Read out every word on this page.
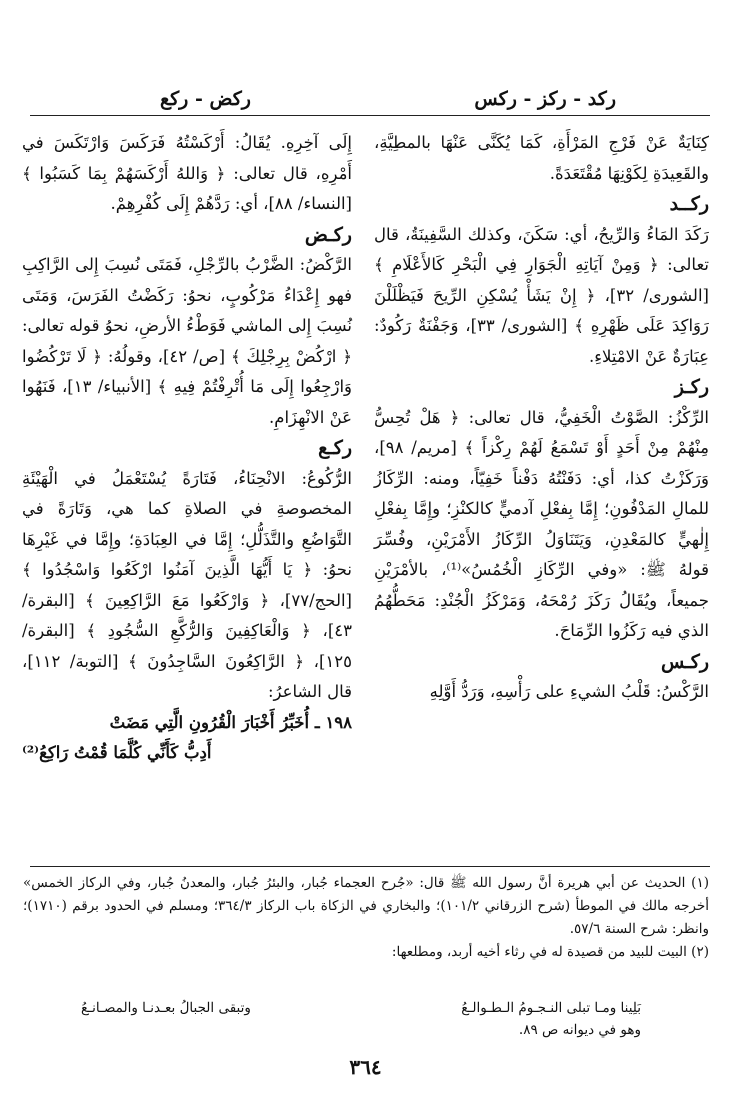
ركد - ركز - ركس
ركض - ركع

كِنَايَةٌ عَنْ فَرْجِ المَرْأَةِ، كَمَا يُكَنَّى عَنْهَا بالمطِيَّةِ، والقَعِيدَةِ لِكَوْنِهَا مُقْتَعَدَةً.

ركــد

رَكَدَ المَاءُ وَالرِّيحُ، أي: سَكَنَ، وكذلك السَّفِينَةُ، قال تعالى: ﴿ وَمِنْ آيَاتِهِ الْجَوَارِ فِي الْبَحْرِ كَالأَعْلَامِ ﴾ [الشورى/ ٣٢]، ﴿ إِنْ يَشَأْ يُسْكِنِ الرِّيحَ فَيَظْلَلْنَ رَوَاكِدَ عَلَى ظَهْرِهِ ﴾ [الشورى/ ٣٣]، وَجَفْنَةٌ رَكُودٌ: عِبَارَةٌ عَنْ الامْتِلاءِ.

ركـز

الرِّكْزُ: الصَّوْتُ الْخَفِيُّ، قال تعالى: ﴿ هَلْ تُحِسُّ مِنْهُمْ مِنْ أَحَدٍ أَوْ تَسْمَعُ لَهُمْ رِكْزاً ﴾ [مريم/ ٩٨]، وَرَكَزْتُ كذا، أي: دَفَنْتُهُ دَفْناً خَفِيّاً، ومنه: الرِّكَازُ للمالِ المَدْفُونِ؛ إِمَّا بِفعْلِ آدميٍّ كالكنْزِ؛ وإِمَّا بِفعْلِ إِلٰهيٍّ كالمَعْدِنِ، وَيَتَنَاوَلُ الرِّكَازُ الأَمْرَيْنِ، وفُسِّرَ قولهُ ﷺ: «وفي الرِّكَازِ الْخُمُسُ»⁽¹⁾، بالأمْرَيْنِ جميعاً، ويُقَالُ رَكَزَ رُمْحَهُ، وَمَرْكَزُ الْجُنْدِ: مَحَطُّهُمُ الذي فيه رَكَزُوا الرِّمَاحَ.

ركـس

الرَّكْسُ: قَلْبُ الشيءِ على رَأْسِهِ، وَرَدُّ أَوَّلِهِ

إِلَى آخِرِهِ. يُقَالُ: أَرْكَسْتُهُ فَرَكَسَ وَارْتَكَسَ في أَمْرِهِ، قال تعالى: ﴿ وَاللهُ أَرْكَسَهُمْ بِمَا كَسَبُوا ﴾ [النساء/ ٨٨]، أي: رَدَّهُمْ إِلَى كُفْرِهِمْ.

ركـض

الرَّكْضُ: الضَّرْبُ بالرِّجْلِ، فَمَتَى نُسِبَ إِلى الرَّاكِبِ فهو إِعْدَاءُ مَرْكُوبٍ، نحوُ: رَكَضْتُ الفَرَسَ، وَمَتَى نُسِبَ إِلى الماشي فَوَطْءُ الأرضِ، نحوُ قوله تعالى: ﴿ ارْكُضْ بِرِجْلِكَ ﴾ [ص/ ٤٢]، وقولُهُ: ﴿ لَا تَرْكُضُوا وَارْجِعُوا إِلَى مَا أُتْرِفْتُمْ فِيهِ ﴾ [الأنبياء/ ١٣]، فَنَهُوا عَنْ الانْهِزَامِ.

ركـع

الرُّكُوعُ: الانْحِنَاءُ، فَتَارَةً يُسْتَعْمَلُ في الْهَيْئَةِ المخصوصةِ في الصلاةِ كما هي، وَتَارَةً في التَّوَاضُعِ والتَّذَلُّلِ؛ إِمَّا في العِبَادَةِ؛ وإِمَّا في غَيْرِهَا نحوُ: ﴿ يَا أَيُّهَا الَّذِينَ آمَنُوا ارْكَعُوا وَاسْجُدُوا ﴾ [الحج/٧٧]، ﴿ وَارْكَعُوا مَعَ الرَّاكِعِينَ ﴾ [البقرة/ ٤٣]، ﴿ وَالْعَاكِفِينَ وَالرُّكَّعِ السُّجُودِ ﴾ [البقرة/ ١٢٥]، ﴿ الرَّاكِعُونَ السَّاجِدُونَ ﴾ [التوبة/ ١١٢]، قال الشاعرُ:

١٩٨ ـ أُخَبِّرُ أَخْبَارَ الْقُرُونِ الَّتِي مَضَتْ

أَدِبُّ كَأَنِّي كُلَّمَا قُمْتُ رَاكِعُ⁽²⁾

(١) الحديث عن أبي هريرة أنَّ رسول الله ﷺ قال: «جُرح العجماء جُبار، والبئرُ جُبار، والمعدنُ جُبار، وفي الركاز الخمس» أخرجه مالك في الموطأ (شرح الزرقاني ١٠١/٢)؛ والبخاري في الزكاة باب الركاز ٣٦٤/٣؛ ومسلم في الحدود برقم (١٧١٠)؛ وانظر: شرح السنة ٥٧/٦.

(٢) البيت للبيد من قصيدة له في رثاء أخيه أربد، ومطلعها:

بَلِينا ومـا تبلى النـجـومُ الـطـوالـعُ
وتبقى الجبالُ بعـدنـا والمصـانـعُ
وهو في ديوانه ص ٨٩.
٣٦٤
